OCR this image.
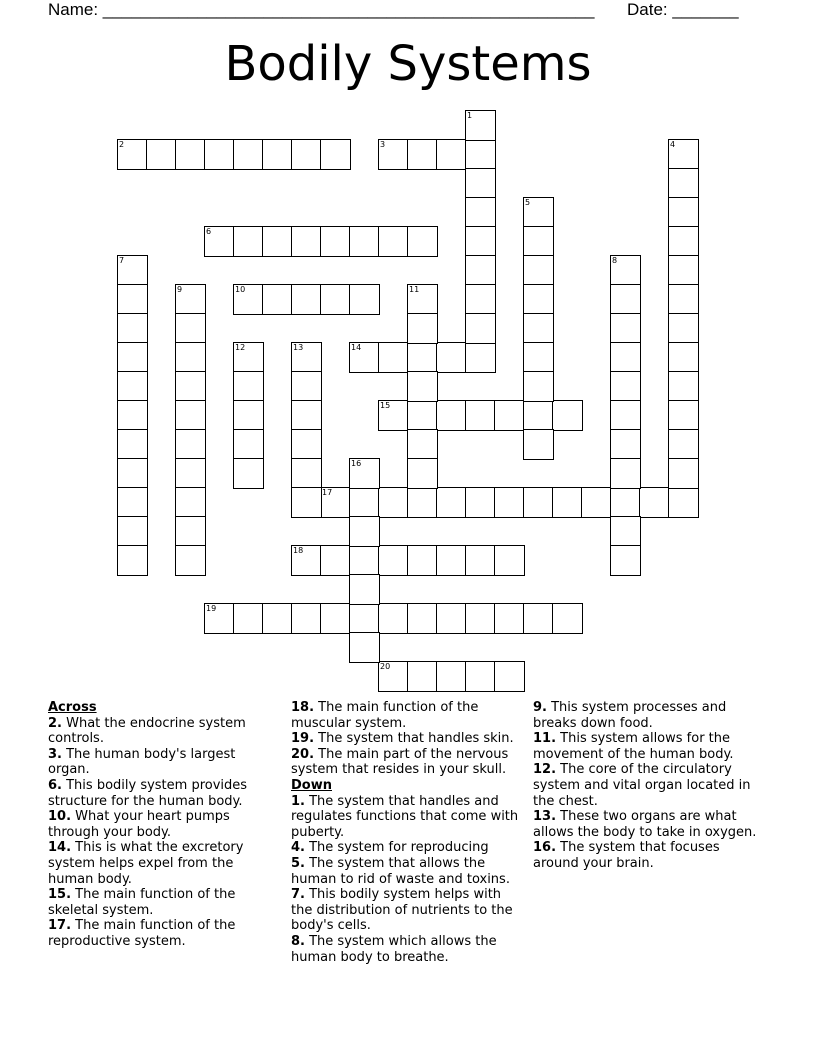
Name: ____________________________________________________ Date: _______
Bodily Systems
2	3
6
10
14
15
17
18
19
20
1
4
5
7	8
9	11
12	13
16
Across

2. What the endocrine system controls.

3. The human body's largest organ.

6. This bodily system provides structure for the human body.

10. What your heart pumps through your body.

14. This is what the excretory system helps expel from the human body.

15. The main function of the skeletal system.

17. The main function of the reproductive system.

18. The main function of the muscular system.

19. The system that handles skin.

20. The main part of the nervous system that resides in your skull.

Down

1. The system that handles and regulates functions that come with puberty.

4. The system for reproducing

5. The system that allows the human to rid of waste and toxins.

7. This bodily system helps with the distribution of nutrients to the body's cells.

8. The system which allows the human body to breathe.

9. This system processes and breaks down food.

11. This system allows for the movement of the human body.

12. The core of the circulatory system and vital organ located in the chest.

13. These two organs are what allows the body to take in oxygen.

16. The system that focuses around your brain.
